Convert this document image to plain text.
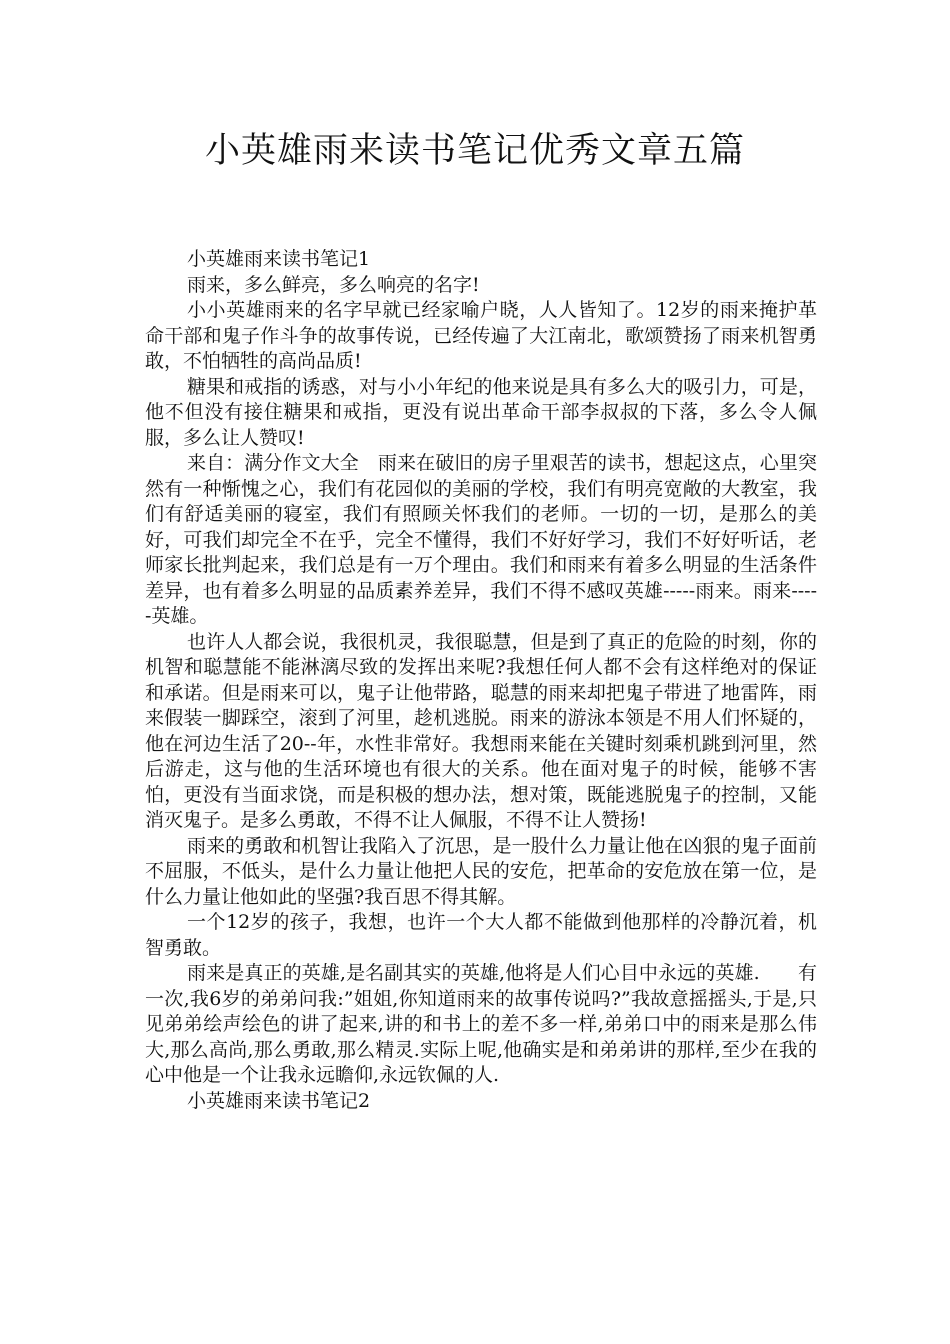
小英雄雨来读书笔记优秀文章五篇

小英雄雨来读书笔记1

雨来，多么鲜亮，多么响亮的名字!

小小英雄雨来的名字早就已经家喻户晓，人人皆知了。12岁的雨来掩护革命干部和鬼子作斗争的故事传说，已经传遍了大江南北，歌颂赞扬了雨来机智勇敢，不怕牺牲的高尚品质!

糖果和戒指的诱惑，对与小小年纪的他来说是具有多么大的吸引力，可是，他不但没有接住糖果和戒指，更没有说出革命干部李叔叔的下落，多么令人佩服，多么让人赞叹!

来自：满分作文大全　雨来在破旧的房子里艰苦的读书，想起这点，心里突然有一种惭愧之心，我们有花园似的美丽的学校，我们有明亮宽敞的大教室，我们有舒适美丽的寝室，我们有照顾关怀我们的老师。一切的一切，是那么的美好，可我们却完全不在乎，完全不懂得，我们不好好学习，我们不好好听话，老师家长批判起来，我们总是有一万个理由。我们和雨来有着多么明显的生活条件差异，也有着多么明显的品质素养差异，我们不得不感叹英雄-----雨来。雨来-----英雄。

也许人人都会说，我很机灵，我很聪慧，但是到了真正的危险的时刻，你的机智和聪慧能不能淋漓尽致的发挥出来呢?我想任何人都不会有这样绝对的保证和承诺。但是雨来可以，鬼子让他带路，聪慧的雨来却把鬼子带进了地雷阵，雨来假装一脚踩空，滚到了河里，趁机逃脱。雨来的游泳本领是不用人们怀疑的，他在河边生活了20--年，水性非常好。我想雨来能在关键时刻乘机跳到河里，然后游走，这与他的生活环境也有很大的关系。他在面对鬼子的时候，能够不害怕，更没有当面求饶，而是积极的想办法，想对策，既能逃脱鬼子的控制，又能消灭鬼子。是多么勇敢，不得不让人佩服，不得不让人赞扬!

雨来的勇敢和机智让我陷入了沉思，是一股什么力量让他在凶狠的鬼子面前不屈服，不低头，是什么力量让他把人民的安危，把革命的安危放在第一位，是什么力量让他如此的坚强?我百思不得其解。

一个12岁的孩子，我想，也许一个大人都不能做到他那样的冷静沉着，机智勇敢。

雨来是真正的英雄,是名副其实的英雄,他将是人们心目中永远的英雄.　　有一次,我6岁的弟弟问我:”姐姐,你知道雨来的故事传说吗?”我故意摇摇头,于是,只见弟弟绘声绘色的讲了起来,讲的和书上的差不多一样,弟弟口中的雨来是那么伟大,那么高尚,那么勇敢,那么精灵.实际上呢,他确实是和弟弟讲的那样,至少在我的心中他是一个让我永远瞻仰,永远钦佩的人.

小英雄雨来读书笔记2
